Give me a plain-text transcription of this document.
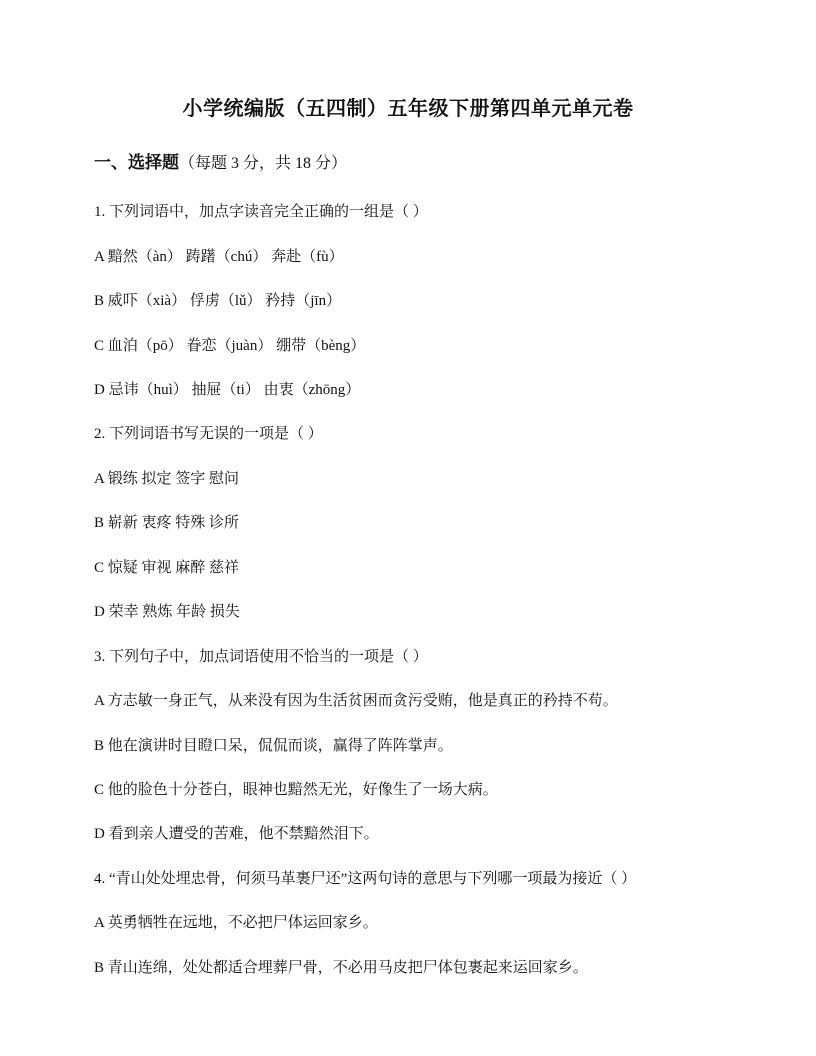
小学统编版（五四制）五年级下册第四单元单元卷
一、选择题（每题 3 分，共 18 分）
1. 下列词语中，加点字读音完全正确的一组是（ ）
A 黯然（àn） 踌躇（chú） 奔赴（fù）
B 威吓（xià） 俘虏（lǔ） 矜持（jīn）
C 血泊（pō） 眷恋（juàn） 绷带（bèng）
D 忌讳（huì） 抽屉（ti） 由衷（zhōng）
2. 下列词语书写无误的一项是（ ）
A 锻练 拟定 签字 慰问
B 崭新 衷疼 特殊 诊所
C 惊疑 审视 麻醉 慈祥
D 荣幸 熟炼 年龄 损失
3. 下列句子中，加点词语使用不恰当的一项是（ ）
A 方志敏一身正气，从来没有因为生活贫困而贪污受贿，他是真正的矜持不苟。
B 他在演讲时目瞪口呆，侃侃而谈，赢得了阵阵掌声。
C 他的脸色十分苍白，眼神也黯然无光，好像生了一场大病。
D 看到亲人遭受的苦难，他不禁黯然泪下。
4. “青山处处埋忠骨，何须马革裹尸还”这两句诗的意思与下列哪一项最为接近（ ）
A 英勇牺牲在远地，不必把尸体运回家乡。
B 青山连绵，处处都适合埋葬尸骨，不必用马皮把尸体包裹起来运回家乡。
